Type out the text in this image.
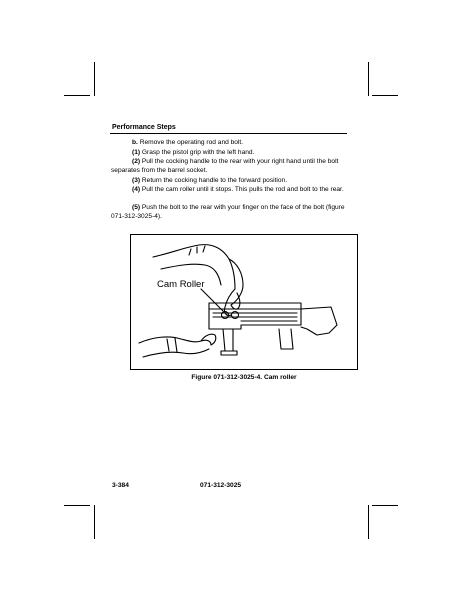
Performance Steps
b. Remove the operating rod and bolt.
(1) Grasp the pistol grip with the left hand.
(2) Pull the cocking handle to the rear with your right hand until the bolt separates from the barrel socket.
(3) Return the cocking handle to the forward position.
(4) Pull the cam roller until it stops. This pulls the rod and bolt to the rear.
(5) Push the bolt to the rear with your finger on the face of the bolt (figure 071-312-3025-4).
Cam Roller
Figure 071-312-3025-4. Cam roller
3-384	071-312-3025
